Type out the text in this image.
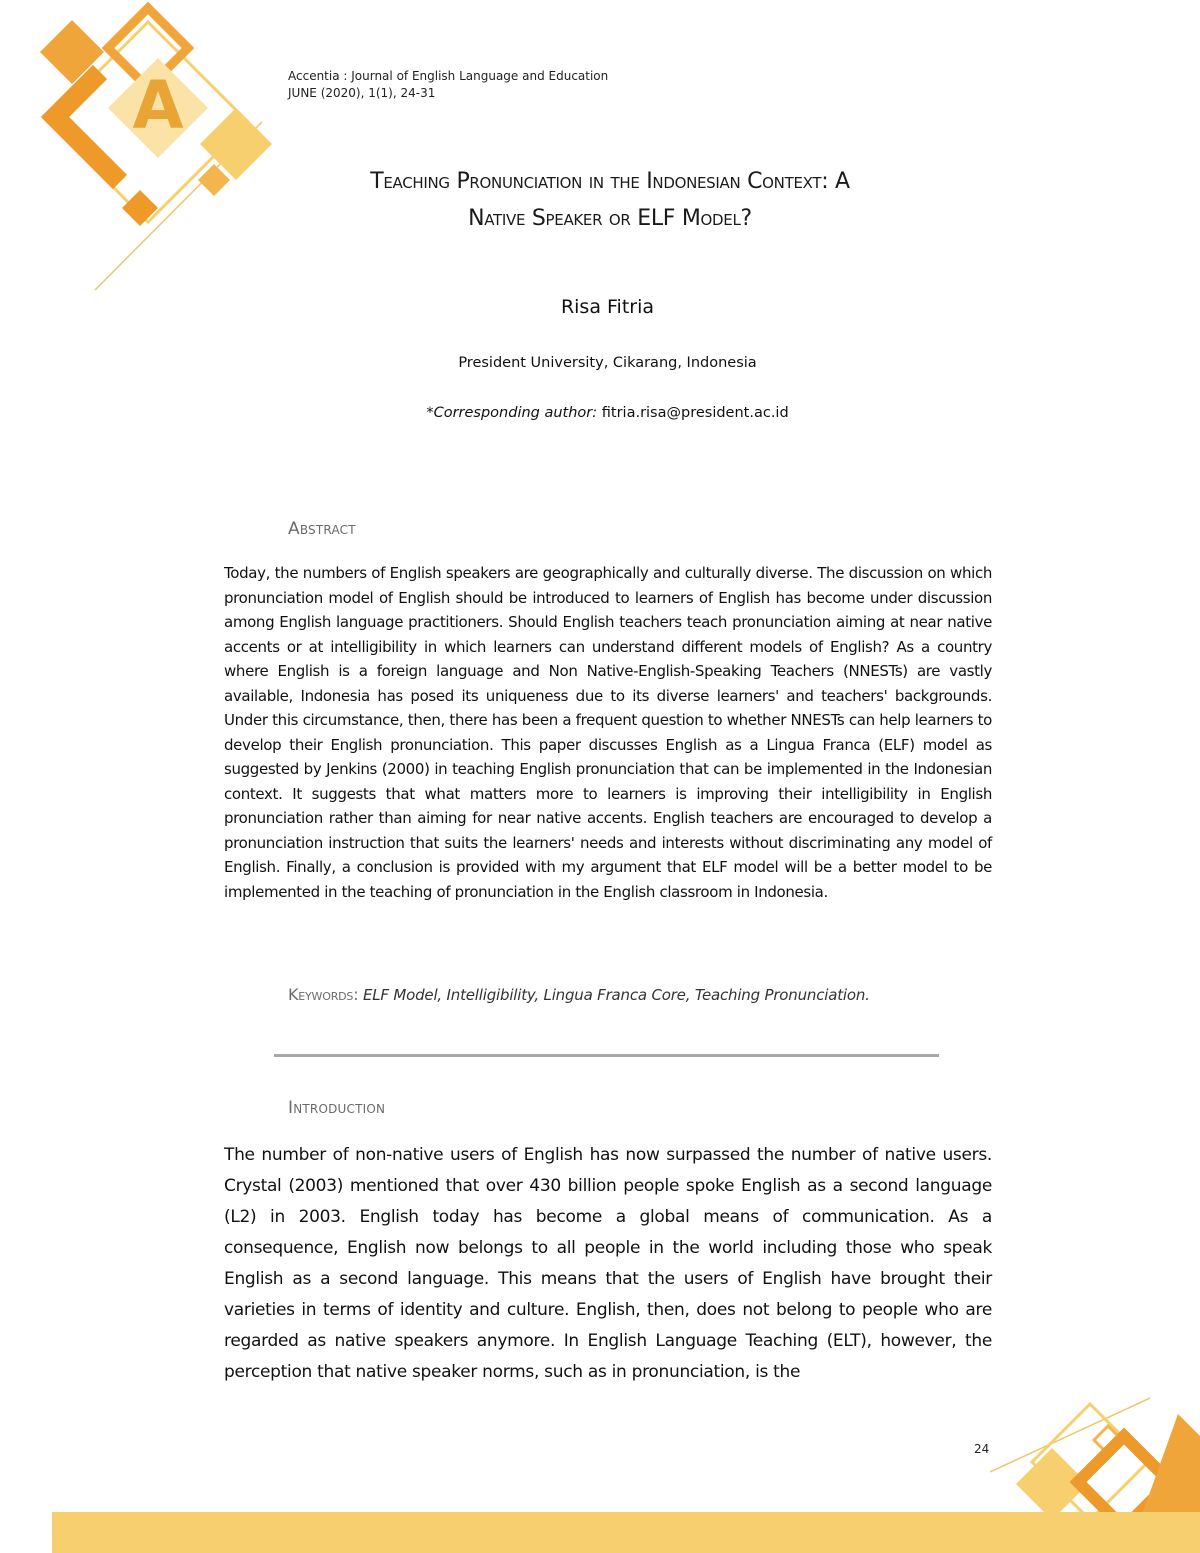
A	Accentia : Journal of English Language and Education
JUNE (2020), 1(1), 24-31
Teaching Pronunciation in the Indonesian Context: A
Native Speaker or ELF Model?
Risa Fitria
President University, Cikarang, Indonesia
*Corresponding author: fitria.risa@president.ac.id
Abstract
Today, the numbers of English speakers are geographically and culturally diverse. The discussion on which pronunciation model of English should be introduced to learners of English has become under discussion among English language practitioners. Should English teachers teach pronunciation aiming at near native accents or at intelligibility in which learners can understand different models of English? As a country where English is a foreign language and Non Native-English-Speaking Teachers (NNESTs) are vastly available, Indonesia has posed its uniqueness due to its diverse learners' and teachers' backgrounds. Under this circumstance, then, there has been a frequent question to whether NNESTs can help learners to develop their English pronunciation. This paper discusses English as a Lingua Franca (ELF) model as suggested by Jenkins (2000) in teaching English pronunciation that can be implemented in the Indonesian context. It suggests that what matters more to learners is improving their intelligibility in English pronunciation rather than aiming for near native accents. English teachers are encouraged to develop a pronunciation instruction that suits the learners' needs and interests without discriminating any model of English. Finally, a conclusion is provided with my argument that ELF model will be a better model to be implemented in the teaching of pronunciation in the English classroom in Indonesia.
Keywords: ELF Model, Intelligibility, Lingua Franca Core, Teaching Pronunciation.
Introduction
The number of non-native users of English has now surpassed the number of native users. Crystal (2003) mentioned that over 430 billion people spoke English as a second language (L2) in 2003. English today has become a global means of communication. As a consequence, English now belongs to all people in the world including those who speak English as a second language. This means that the users of English have brought their varieties in terms of identity and culture. English, then, does not belong to people who are regarded as native speakers anymore. In English Language Teaching (ELT), however, the perception that native speaker norms, such as in pronunciation, is the
24
